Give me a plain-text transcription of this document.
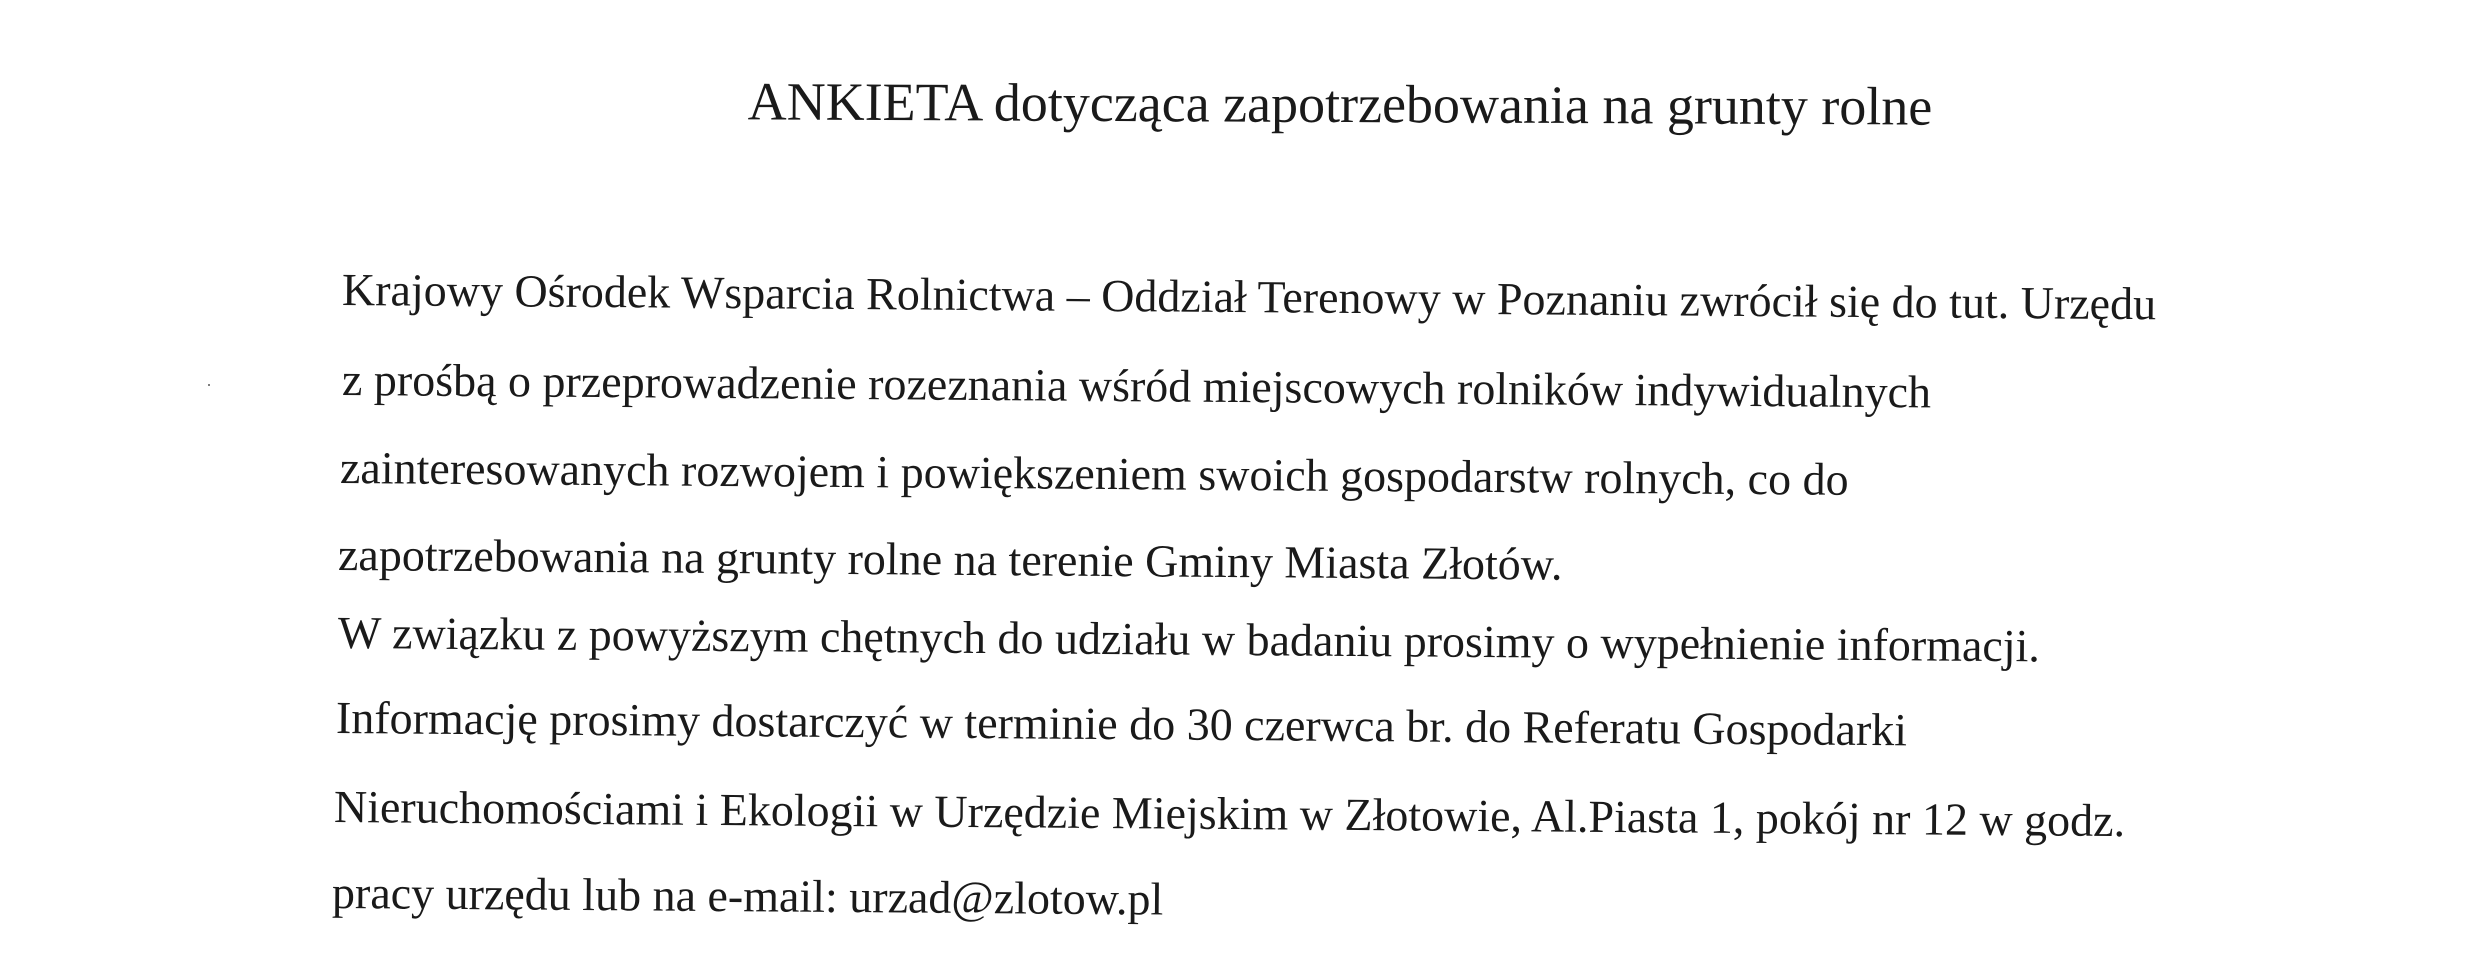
ANKIETA dotycząca zapotrzebowania na grunty rolne
Krajowy Ośrodek Wsparcia Rolnictwa – Oddział Terenowy w Poznaniu zwrócił się do tut. Urzędu
z prośbą o przeprowadzenie rozeznania wśród miejscowych rolników indywidualnych
zainteresowanych rozwojem i powiększeniem swoich gospodarstw rolnych, co do
zapotrzebowania na grunty rolne na terenie Gminy Miasta Złotów.
W związku z powyższym chętnych do udziału w badaniu prosimy o wypełnienie informacji.
Informację prosimy dostarczyć w terminie do 30 czerwca br. do Referatu Gospodarki
Nieruchomościami i Ekologii w Urzędzie Miejskim w Złotowie, Al.Piasta 1, pokój nr 12 w godz.
pracy urzędu lub na e-mail: urzad@zlotow.pl
